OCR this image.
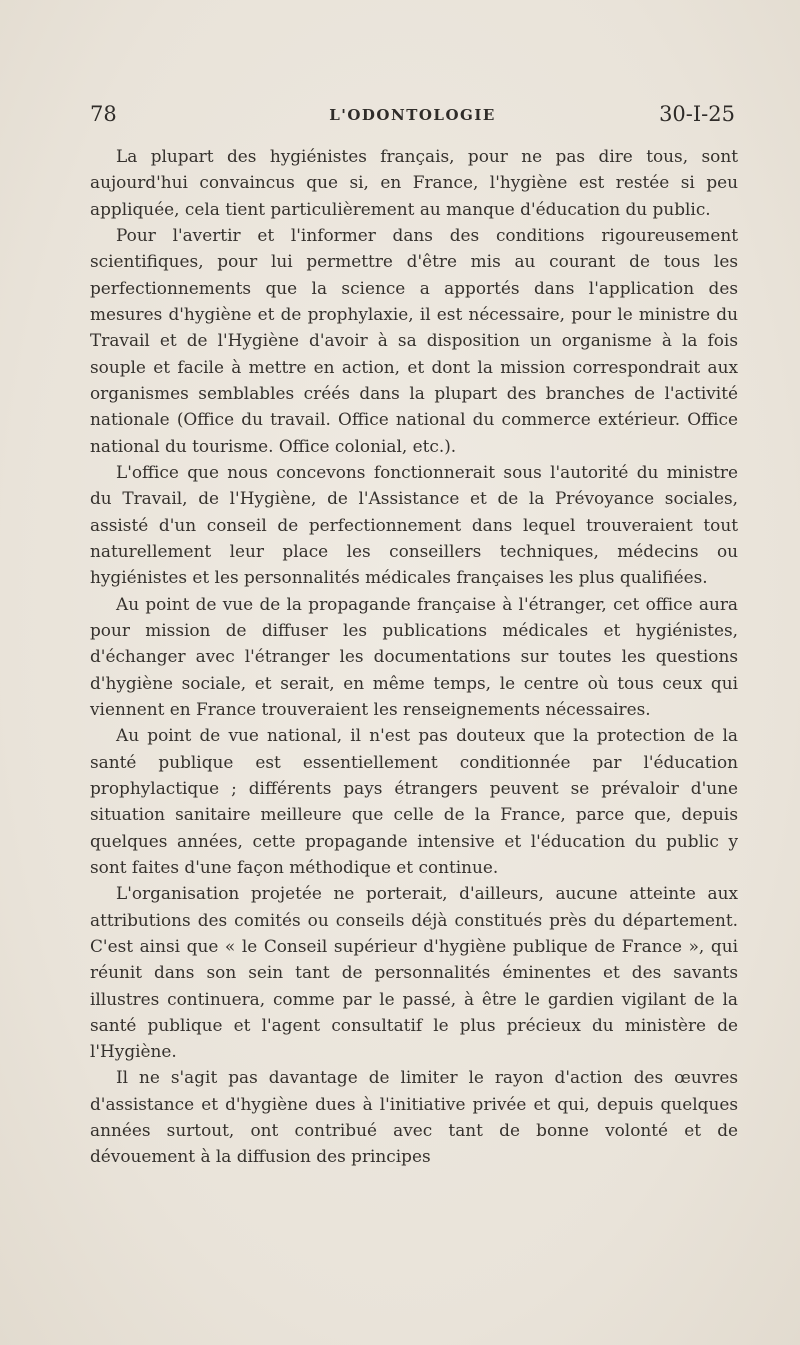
78	L'ODONTOLOGIE	30-I-25

La plupart des hygiénistes français, pour ne pas dire tous, sont aujourd'hui convaincus que si, en France, l'hygiène est restée si peu appliquée, cela tient particulièrement au manque d'éducation du public.

Pour l'avertir et l'informer dans des conditions rigoureusement scientifiques, pour lui permettre d'être mis au courant de tous les perfectionnements que la science a apportés dans l'application des mesures d'hygiène et de prophylaxie, il est nécessaire, pour le ministre du Travail et de l'Hygiène d'avoir à sa disposition un organisme à la fois souple et facile à mettre en action, et dont la mission correspondrait aux organismes semblables créés dans la plupart des branches de l'activité nationale (Office du travail. Office national du commerce extérieur. Office national du tourisme. Office colonial, etc.).

L'office que nous concevons fonctionnerait sous l'autorité du ministre du Travail, de l'Hygiène, de l'Assistance et de la Prévoyance sociales, assisté d'un conseil de perfectionnement dans lequel trouveraient tout naturellement leur place les conseillers techniques, médecins ou hygiénistes et les personnalités médicales françaises les plus qualifiées.

Au point de vue de la propagande française à l'étranger, cet office aura pour mission de diffuser les publications médicales et hygiénistes, d'échanger avec l'étranger les documentations sur toutes les questions d'hygiène sociale, et serait, en même temps, le centre où tous ceux qui viennent en France trouveraient les renseignements nécessaires.

Au point de vue national, il n'est pas douteux que la protection de la santé publique est essentiellement conditionnée par l'éducation prophylactique ; différents pays étrangers peuvent se prévaloir d'une situation sanitaire meilleure que celle de la France, parce que, depuis quelques années, cette propagande intensive et l'éducation du public y sont faites d'une façon méthodique et continue.

L'organisation projetée ne porterait, d'ailleurs, aucune atteinte aux attributions des comités ou conseils déjà constitués près du département. C'est ainsi que « le Conseil supérieur d'hygiène publique de France », qui réunit dans son sein tant de personnalités éminentes et des savants illustres continuera, comme par le passé, à être le gardien vigilant de la santé publique et l'agent consultatif le plus précieux du ministère de l'Hygiène.

Il ne s'agit pas davantage de limiter le rayon d'action des œuvres d'assistance et d'hygiène dues à l'initiative privée et qui, depuis quelques années surtout, ont contribué avec tant de bonne volonté et de dévouement à la diffusion des principes
